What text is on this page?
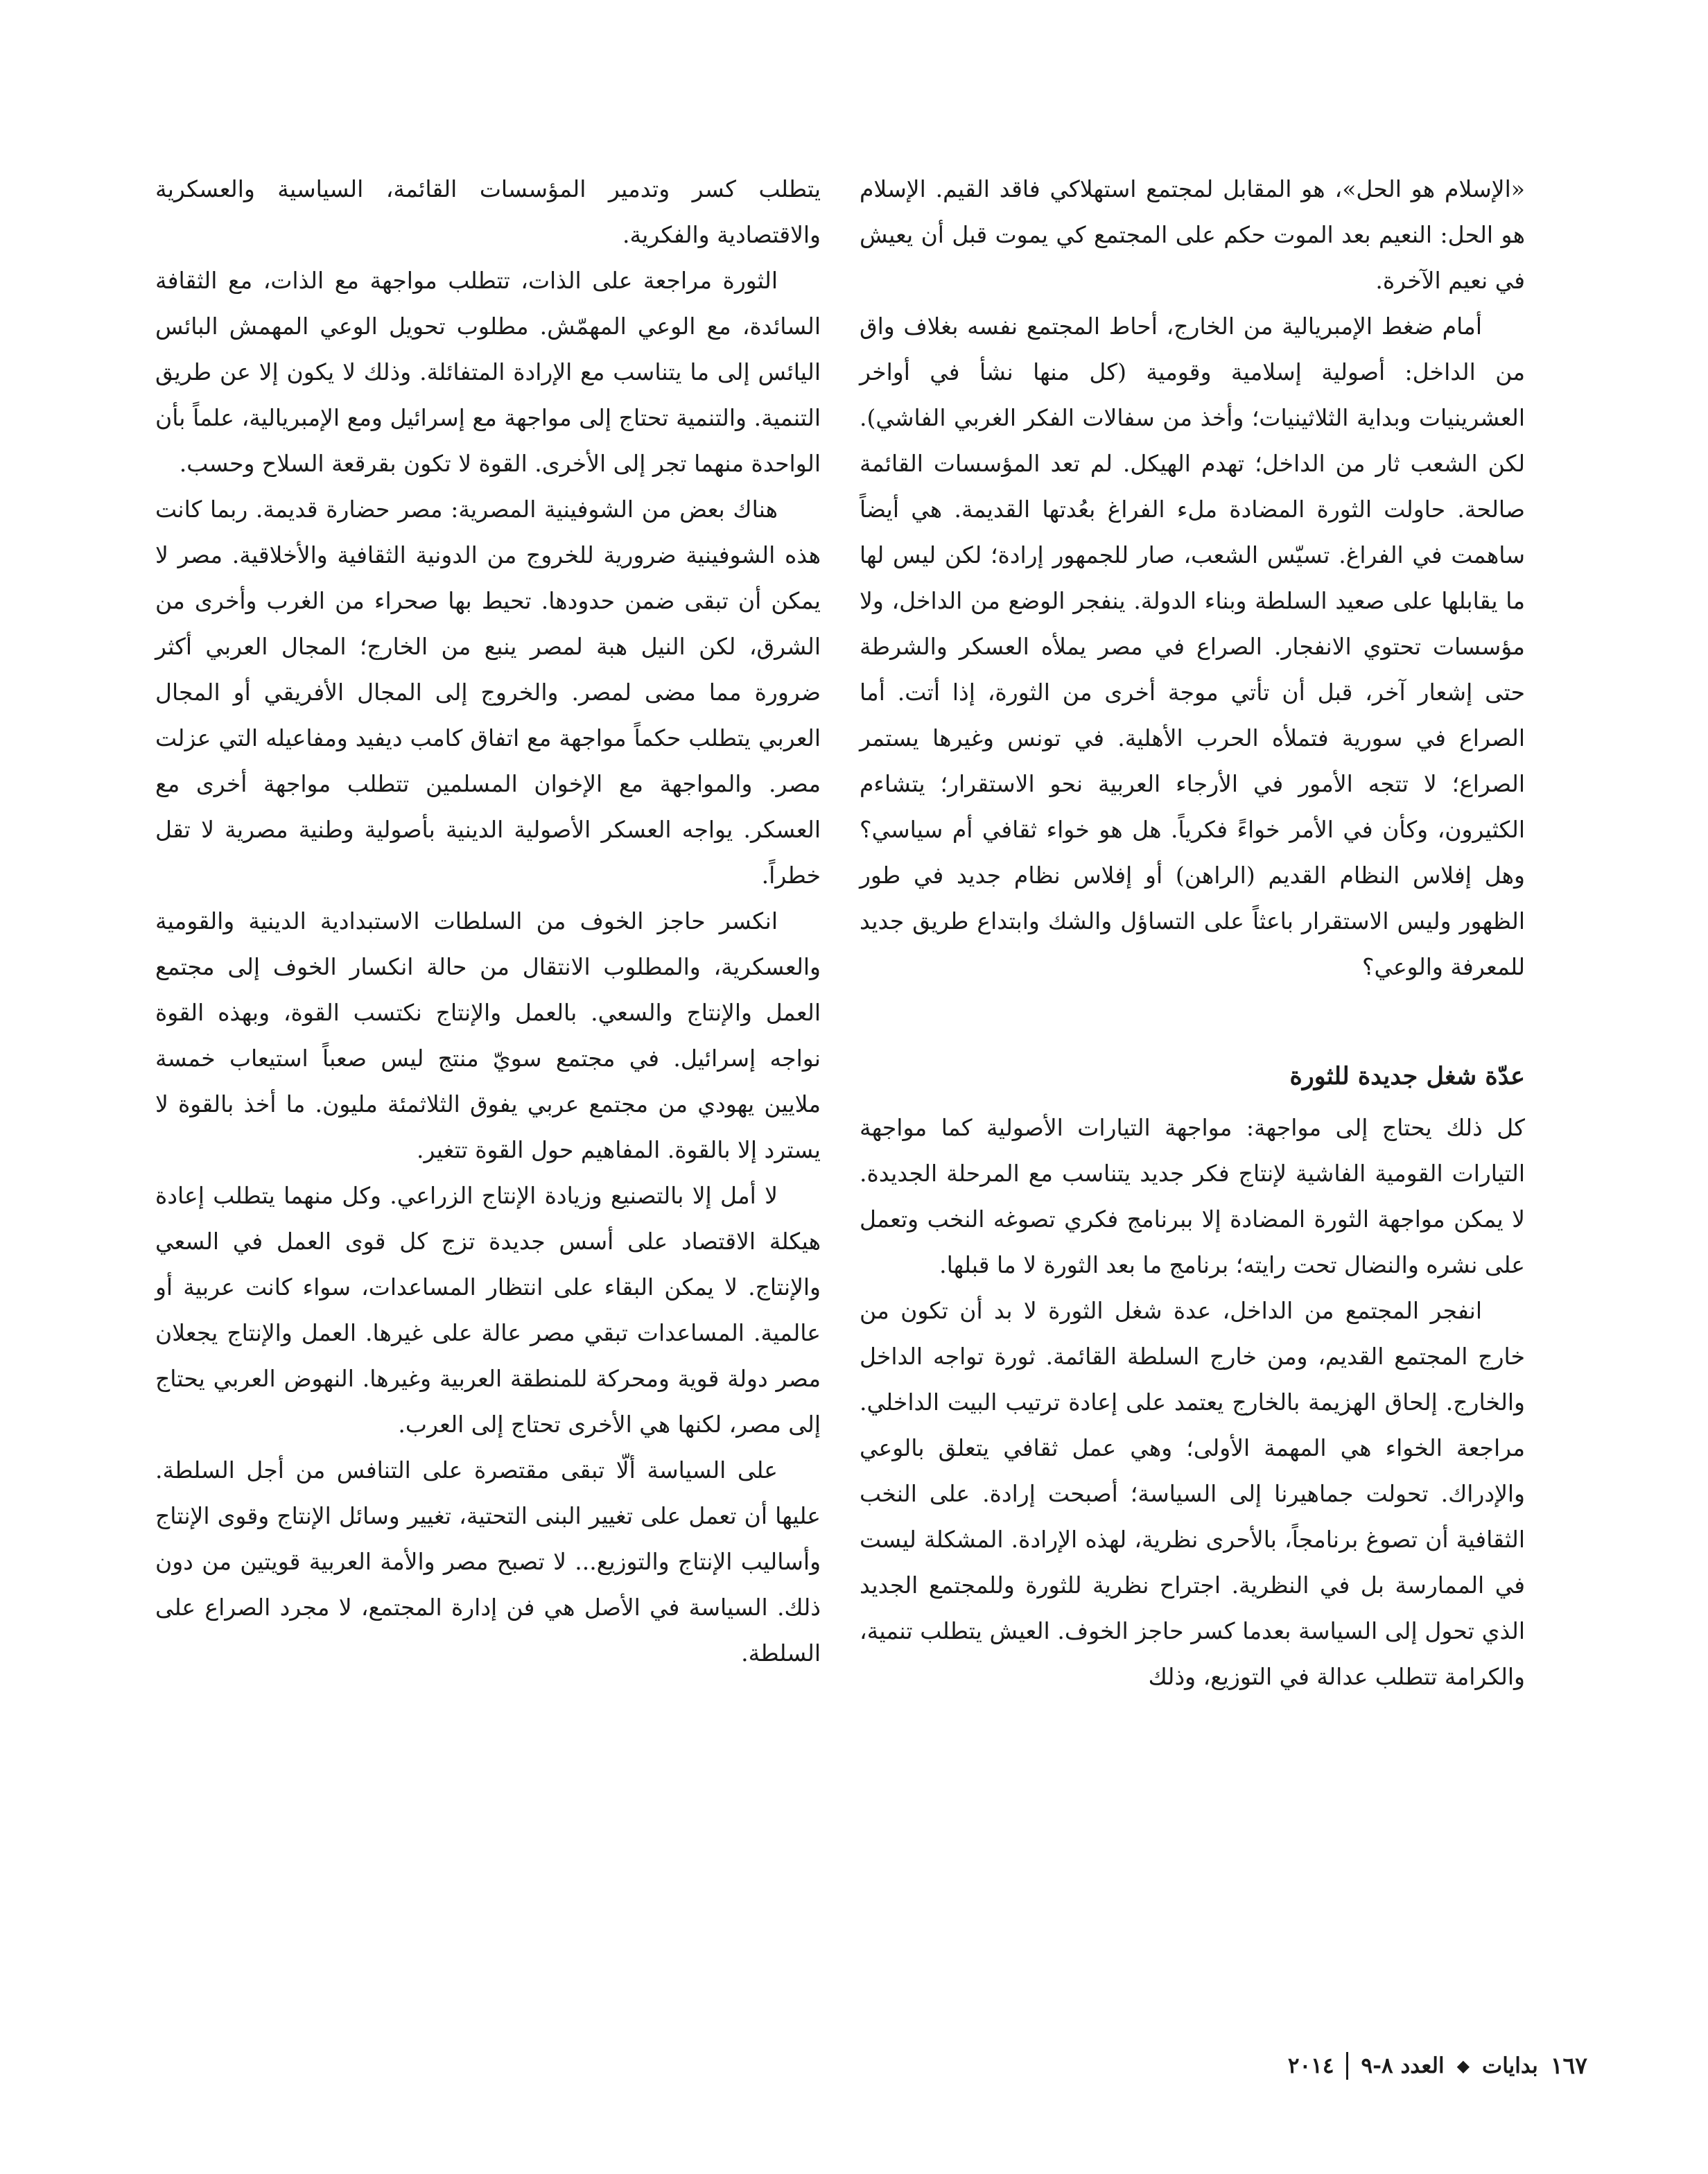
«الإسلام هو الحل»، هو المقابل لمجتمع استهلاكي فاقد القيم. الإسلام هو الحل: النعيم بعد الموت حكم على المجتمع كي يموت قبل أن يعيش في نعيم الآخرة.

أمام ضغط الإمبريالية من الخارج، أحاط المجتمع نفسه بغلاف واق من الداخل: أصولية إسلامية وقومية (كل منها نشأ في أواخر العشرينيات وبداية الثلاثينيات؛ وأخذ من سفالات الفكر الغربي الفاشي). لكن الشعب ثار من الداخل؛ تهدم الهيكل. لم تعد المؤسسات القائمة صالحة. حاولت الثورة المضادة ملء الفراغ بعُدتها القديمة. هي أيضاً ساهمت في الفراغ. تسيّس الشعب، صار للجمهور إرادة؛ لكن ليس لها ما يقابلها على صعيد السلطة وبناء الدولة. ينفجر الوضع من الداخل، ولا مؤسسات تحتوي الانفجار. الصراع في مصر يملأه العسكر والشرطة حتى إشعار آخر، قبل أن تأتي موجة أخرى من الثورة، إذا أتت. أما الصراع في سورية فتملأه الحرب الأهلية. في تونس وغيرها يستمر الصراع؛ لا تتجه الأمور في الأرجاء العربية نحو الاستقرار؛ يتشاءم الكثيرون، وكأن في الأمر خواءً فكرياً. هل هو خواء ثقافي أم سياسي؟ وهل إفلاس النظام القديم (الراهن) أو إفلاس نظام جديد في طور الظهور وليس الاستقرار باعثاً على التساؤل والشك وابتداع طريق جديد للمعرفة والوعي؟

عدّة شغل جديدة للثورة

كل ذلك يحتاج إلى مواجهة: مواجهة التيارات الأصولية كما مواجهة التيارات القومية الفاشية لإنتاج فكر جديد يتناسب مع المرحلة الجديدة. لا يمكن مواجهة الثورة المضادة إلا ببرنامج فكري تصوغه النخب وتعمل على نشره والنضال تحت رايته؛ برنامج ما بعد الثورة لا ما قبلها.

انفجر المجتمع من الداخل، عدة شغل الثورة لا بد أن تكون من خارج المجتمع القديم، ومن خارج السلطة القائمة. ثورة تواجه الداخل والخارج. إلحاق الهزيمة بالخارج يعتمد على إعادة ترتيب البيت الداخلي. مراجعة الخواء هي المهمة الأولى؛ وهي عمل ثقافي يتعلق بالوعي والإدراك. تحولت جماهيرنا إلى السياسة؛ أصبحت إرادة. على النخب الثقافية أن تصوغ برنامجاً، بالأحرى نظرية، لهذه الإرادة. المشكلة ليست في الممارسة بل في النظرية. اجتراح نظرية للثورة وللمجتمع الجديد الذي تحول إلى السياسة بعدما كسر حاجز الخوف. العيش يتطلب تنمية، والكرامة تتطلب عدالة في التوزيع، وذلك

يتطلب كسر وتدمير المؤسسات القائمة، السياسية والعسكرية والاقتصادية والفكرية.

الثورة مراجعة على الذات، تتطلب مواجهة مع الذات، مع الثقافة السائدة، مع الوعي المهمّش. مطلوب تحويل الوعي المهمش البائس اليائس إلى ما يتناسب مع الإرادة المتفائلة. وذلك لا يكون إلا عن طريق التنمية. والتنمية تحتاج إلى مواجهة مع إسرائيل ومع الإمبريالية، علماً بأن الواحدة منهما تجر إلى الأخرى. القوة لا تكون بقرقعة السلاح وحسب.

هناك بعض من الشوفينية المصرية: مصر حضارة قديمة. ربما كانت هذه الشوفينية ضرورية للخروج من الدونية الثقافية والأخلاقية. مصر لا يمكن أن تبقى ضمن حدودها. تحيط بها صحراء من الغرب وأخرى من الشرق، لكن النيل هبة لمصر ينبع من الخارج؛ المجال العربي أكثر ضرورة مما مضى لمصر. والخروج إلى المجال الأفريقي أو المجال العربي يتطلب حكماً مواجهة مع اتفاق كامب ديفيد ومفاعيله التي عزلت مصر. والمواجهة مع الإخوان المسلمين تتطلب مواجهة أخرى مع العسكر. يواجه العسكر الأصولية الدينية بأصولية وطنية مصرية لا تقل خطراً.

انكسر حاجز الخوف من السلطات الاستبدادية الدينية والقومية والعسكرية، والمطلوب الانتقال من حالة انكسار الخوف إلى مجتمع العمل والإنتاج والسعي. بالعمل والإنتاج نكتسب القوة، وبهذه القوة نواجه إسرائيل. في مجتمع سويّ منتج ليس صعباً استيعاب خمسة ملايين يهودي من مجتمع عربي يفوق الثلاثمئة مليون. ما أخذ بالقوة لا يسترد إلا بالقوة. المفاهيم حول القوة تتغير.

لا أمل إلا بالتصنيع وزيادة الإنتاج الزراعي. وكل منهما يتطلب إعادة هيكلة الاقتصاد على أسس جديدة تزج كل قوى العمل في السعي والإنتاج. لا يمكن البقاء على انتظار المساعدات، سواء كانت عربية أو عالمية. المساعدات تبقي مصر عالة على غيرها. العمل والإنتاج يجعلان مصر دولة قوية ومحركة للمنطقة العربية وغيرها. النهوض العربي يحتاج إلى مصر، لكنها هي الأخرى تحتاج إلى العرب.

على السياسة ألّا تبقى مقتصرة على التنافس من أجل السلطة. عليها أن تعمل على تغيير البنى التحتية، تغيير وسائل الإنتاج وقوى الإنتاج وأساليب الإنتاج والتوزيع... لا تصبح مصر والأمة العربية قويتين من دون ذلك. السياسة في الأصل هي فن إدارة المجتمع، لا مجرد الصراع على السلطة.

١٦٧
بدايات
◆
العدد ٨-٩
٢٠١٤
